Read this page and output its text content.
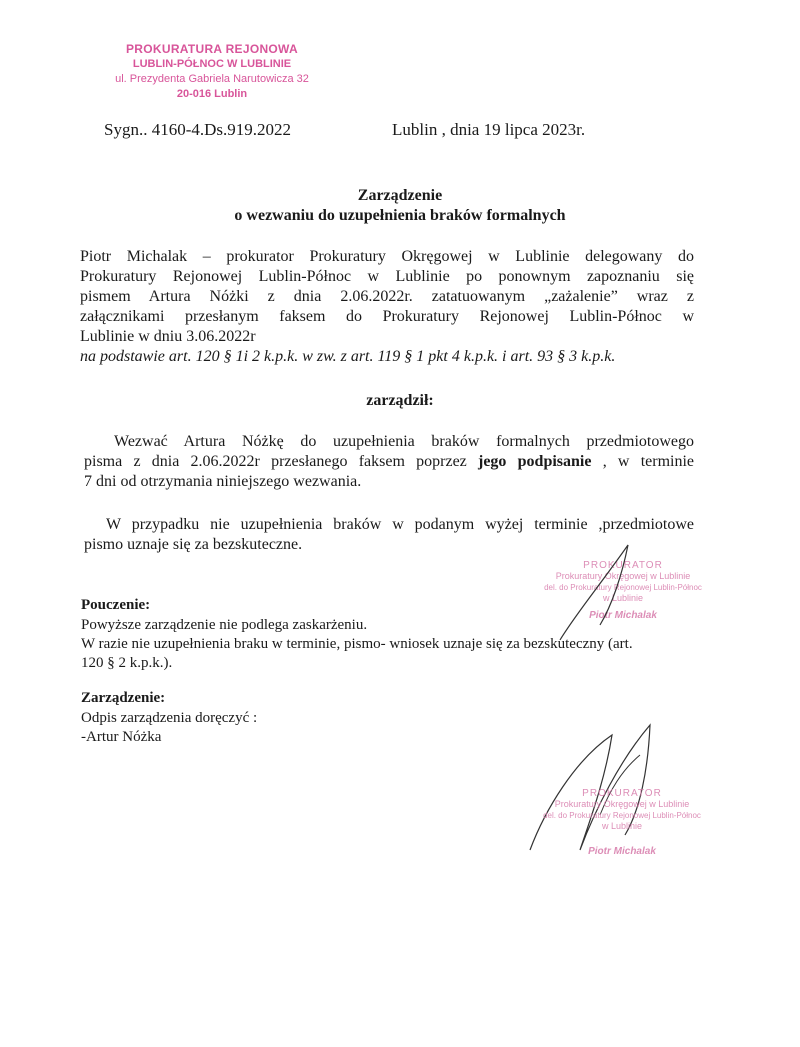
PROKURATURA REJONOWA
LUBLIN-PÓŁNOC W LUBLINIE
ul. Prezydenta Gabriela Narutowicza 32
20-016 Lublin
Sygn.. 4160-4.Ds.919.2022	Lublin , dnia 19 lipca 2023r.
Zarządzenie
o wezwaniu do uzupełnienia braków formalnych
Piotr Michalak – prokurator Prokuratury Okręgowej w Lublinie delegowany do
Prokuratury Rejonowej Lublin-Północ w Lublinie po ponownym zapoznaniu się
pismem Artura Nóżki z dnia 2.06.2022r. zatatuowanym „zażalenie” wraz z
załącznikami przesłanym faksem do Prokuratury Rejonowej Lublin-Północ w
Lublinie w dniu 3.06.2022r
na podstawie art. 120 § 1i 2 k.p.k. w zw. z art. 119 § 1 pkt 4 k.p.k. i art. 93 § 3 k.p.k.
zarządził:
Wezwać Artura Nóżkę do uzupełnienia braków formalnych przedmiotowego
pisma z dnia 2.06.2022r przesłanego faksem poprzez jego podpisanie , w terminie
7 dni od otrzymania niniejszego wezwania.
W przypadku nie uzupełnienia braków w podanym wyżej terminie ,przedmiotowe
pismo uznaje się za bezskuteczne.
PROKURATOR
Prokuratury Okręgowej w Lublinie
del. do Prokuratury Rejonowej Lublin-Północ
w Lublinie
Piotr Michalak
Pouczenie:
Powyższe zarządzenie nie podlega zaskarżeniu.
W razie nie uzupełnienia braku w terminie, pismo- wniosek uznaje się za bezskuteczny (art.
120 § 2 k.p.k.).
Zarządzenie:
Odpis zarządzenia doręczyć :
-Artur Nóżka
PROKURATOR
Prokuratury Okręgowej w Lublinie
del. do Prokuratury Rejonowej Lublin-Północ
w Lublinie
Piotr Michalak
